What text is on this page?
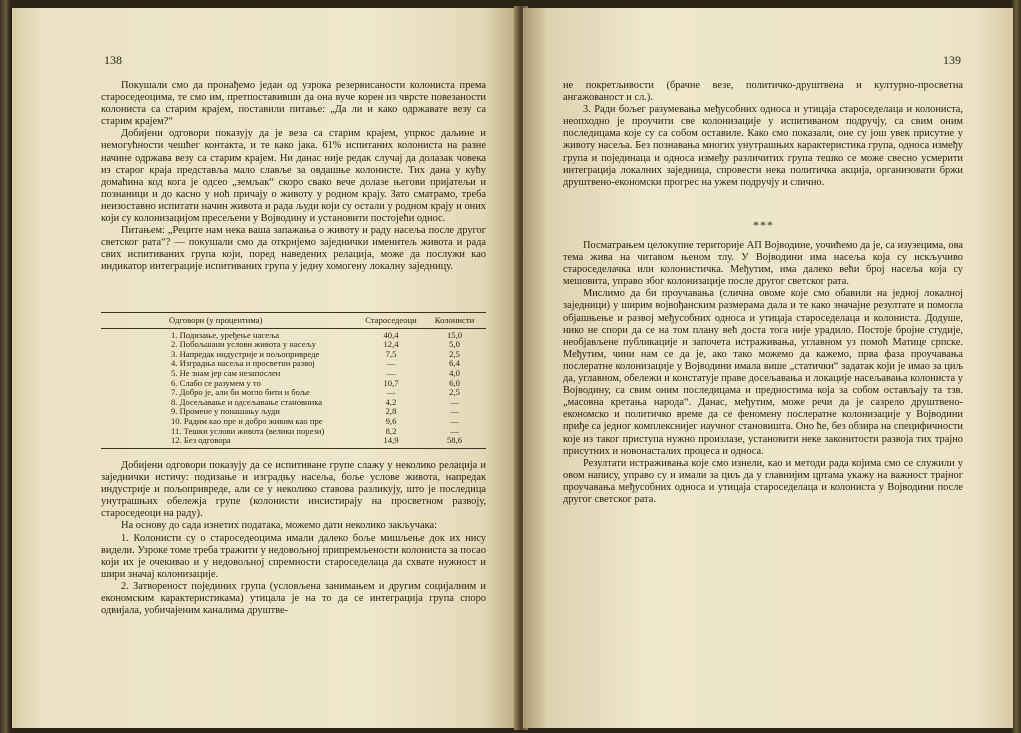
138

Покушали смо да пронађемо један од узрока резервисаности колониста према староседеоцима, те смо им, претпоставивши да она вуче корен из чврсте повезаности колониста са старим крајем, поставили питање: „Да ли и како одржавате везу са старим крајем?“

Добијени одговори показују да је веза са старим крајем, упркос даљине и немогућности чешћег контакта, и те како јака. 61% испитаних колониста на разне начине одржава везу са старим крајем. Ни данас није редак случај да долазак човека из старог краја представља мало славље за овдашње колонисте. Тих дана у кућу домаћина код кога је одсео „земљак“ скоро свако вече долазе његови пријатељи и познаници и до касно у ноћ причају о животу у родном крају. Зато сматрамо, треба неизоставно испитати начин живота и рада људи који су остали у родном крају и оних који су колонизацијом пресељени у Војводину и установити постојећи однос.

Питањем: „Реците нам нека ваша запажања о животу и раду насеља после другог светског рата“? — покушали смо да откријемо заједнички именитељ живота и рада свих испитиваних група који, поред наведених релација, може да послужи као индикатор интеграције испитиваних група у једну хомогену локалну заједницу.

Одговори (у процентима)	Староседеоци	Колонисти
1. Подизање, уређење насеља	40,4	15,0
2. Побољшани услови живота у насељу	12,4	5,0
3. Напредак индустрије и пољопривреде	7,5	2,5
4. Изградња насеља и просветни развој	—	6,4
5. Не знам јер сам незапослен	—	4,0
6. Слабо се разумем у то	10,7	6,0
7. Добро је, али би могло бити и боље	—	2,5
8. Досељавање и одсељавање становника	4,2	—
9. Промене у понашању људи	2,8	—
10. Радим као пре и добро живим као пре	9,6	—
11. Тешки услови живота (велики порези)	8,2	—
12. Без одговора	14,9	58,6

Добијени одговори показују да се испитиване групе слажу у неколико релација и заједнички истичу: подизање и изградњу насеља, боље услове живота, напредак индустрије и пољопривреде, али се у неколико ставова разликују, што је последица унутрашњих обележја групе (колонисти инсистирају на просветном развоју, староседеоци на раду).

На основу до сада изнетих података, можемо дати неколико закључака:

1. Колонисти су о староседеоцима имали далеко боље мишљење док их нису видели. Узроке томе треба тражити у недовољној припремљености колониста за посао који их је очекивао и у недовољној спремности староседелаца да схвате нужност и шири значај колонизације.

2. Затвореност појединих група (условљена занимањем и другим социјалним и економским карактеристикама) утицала је на то да се интеграција група споро одвијала, уобичајеним каналима друштве-

139

не покретљивости (брачне везе, политичко-друштвена и културно-просветна ангажованост и сл.).

3. Ради бољег разумевања међусобних односа и утицаја староседелаца и колониста, неопходно је проучити све колонизације у испитиваном подручју, са свим оним последицама које су са собом оставиле. Како смо показали, оне су још увек присутне у животу насеља. Без познавања многих унутрашњих карактеристика група, односа између група и појединаца и односа између различитих група тешко се може свесно усмерити интеграција локалних заједница, спровести нека политичка акција, организовати бржи друштвено-економски прогрес на ужем подручју и слично.

***

Посматрањем целокупне територије АП Војводине, уочићемо да је, са изузецима, ова тема жива на читавом њеном тлу. У Војводини има насеља која су искључиво староседелачка или колонистичка. Међутим, има далеко већи број насеља која су мешовита, управо због колонизације после другог светског рата.

Мислимо да би проучавања (слична овоме које смо обавили на једној локалној заједници) у ширим војвођанским размерама дала и те како значајне резултате и помогла објашњење и развој међусобних односа и утицаја староседелаца и колониста. Додуше, нико не спори да се на том плану већ доста тога није урадило. Постоје бројне студије, необјављене публикације и започета истраживања, углавном уз помоћ Матице српске. Међутим, чини нам се да је, ако тако можемо да кажемо, прва фаза проучавања послератне колонизације у Војводини имала више „статички“ задатак који је имао за циљ да, углавном, обележи и констатује праве досељавања и локације насељавања колониста у Војводину, са свим оним последицама и предностима која за собом остављају та тзв. „масовна кретања народа“. Данас, међутим, може речи да је сазрело друштвено-економско и политичко време да се феномену послератне колонизације у Војводини приђе са једног комплекснијег научног становишта. Оно ће, без обзира на специфичности које из таког приступа нужно произлазе, установити неке законитости развоја тих трајно присутних и новонасталих процеса и односа.

Резултати истраживања које смо изнели, као и методи рада којима смо се служили у овом напису, управо су и имали за циљ да у главнијим цртама укажу на важност трајног проучавања међусобних односа и утицаја староседелаца и колониста у Војводини после другог светског рата.
